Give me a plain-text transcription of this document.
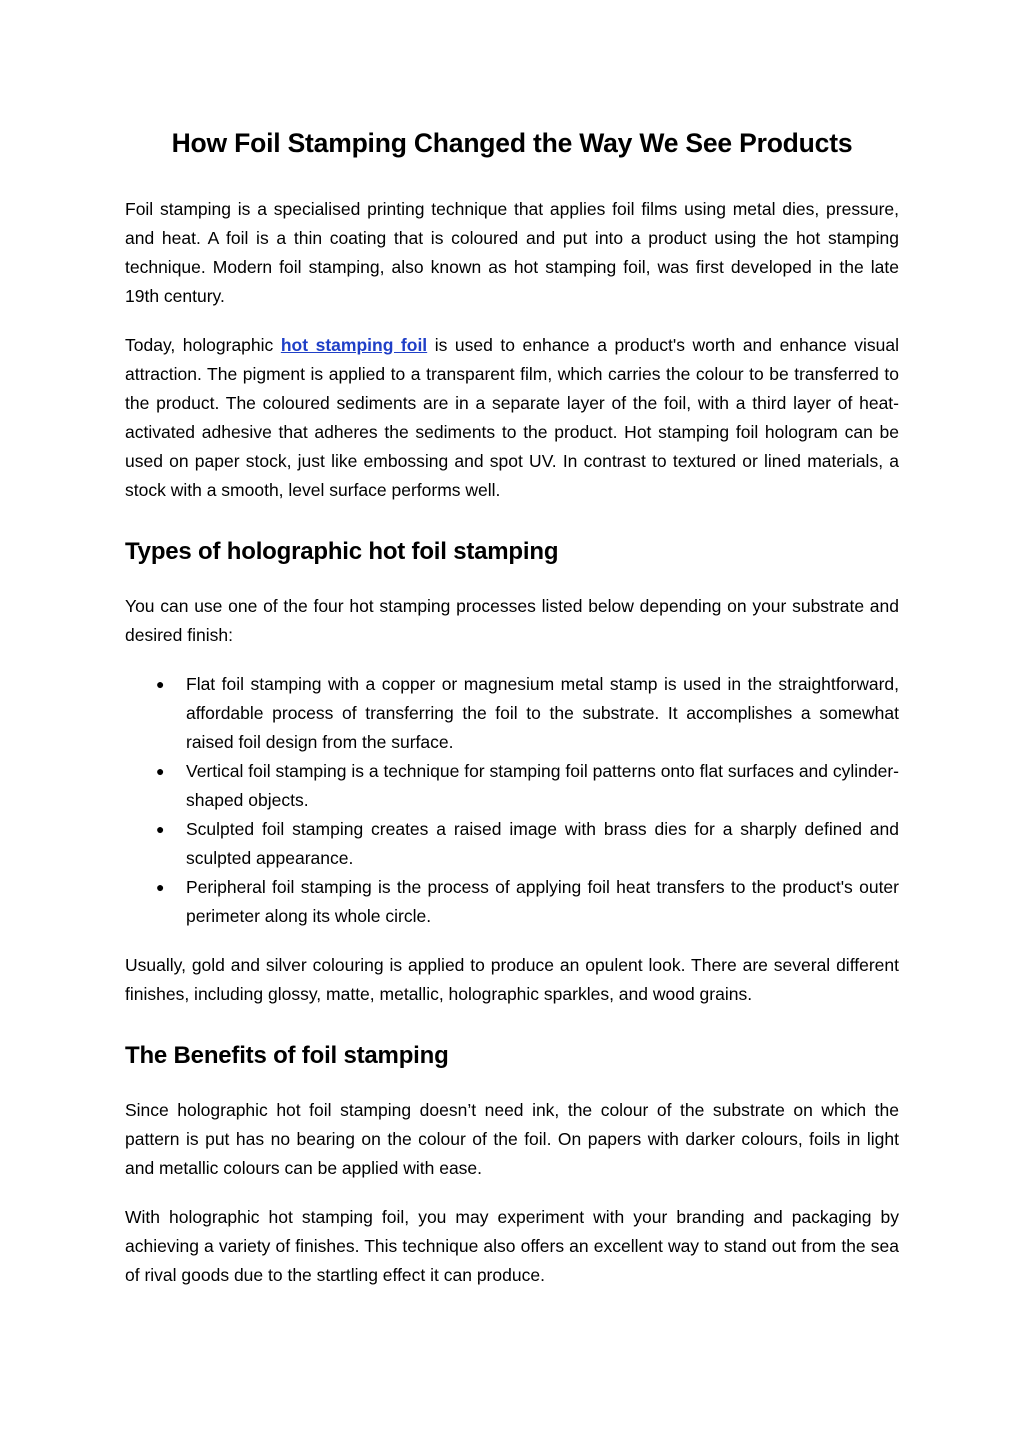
How Foil Stamping Changed the Way We See Products

Foil stamping is a specialised printing technique that applies foil films using metal dies, pressure, and heat. A foil is a thin coating that is coloured and put into a product using the hot stamping technique. Modern foil stamping, also known as hot stamping foil, was first developed in the late 19th century.

Today, holographic hot stamping foil is used to enhance a product's worth and enhance visual attraction. The pigment is applied to a transparent film, which carries the colour to be transferred to the product. The coloured sediments are in a separate layer of the foil, with a third layer of heat-activated adhesive that adheres the sediments to the product. Hot stamping foil hologram can be used on paper stock, just like embossing and spot UV. In contrast to textured or lined materials, a stock with a smooth, level surface performs well.

Types of holographic hot foil stamping

You can use one of the four hot stamping processes listed below depending on your substrate and desired finish:

● Flat foil stamping with a copper or magnesium metal stamp is used in the straightforward, affordable process of transferring the foil to the substrate. It accomplishes a somewhat raised foil design from the surface.
● Vertical foil stamping is a technique for stamping foil patterns onto flat surfaces and cylinder-shaped objects.
● Sculpted foil stamping creates a raised image with brass dies for a sharply defined and sculpted appearance.
● Peripheral foil stamping is the process of applying foil heat transfers to the product's outer perimeter along its whole circle.

Usually, gold and silver colouring is applied to produce an opulent look. There are several different finishes, including glossy, matte, metallic, holographic sparkles, and wood grains.

The Benefits of foil stamping

Since holographic hot foil stamping doesn’t need ink, the colour of the substrate on which the pattern is put has no bearing on the colour of the foil. On papers with darker colours, foils in light and metallic colours can be applied with ease.

With holographic hot stamping foil, you may experiment with your branding and packaging by achieving a variety of finishes. This technique also offers an excellent way to stand out from the sea of rival goods due to the startling effect it can produce.
